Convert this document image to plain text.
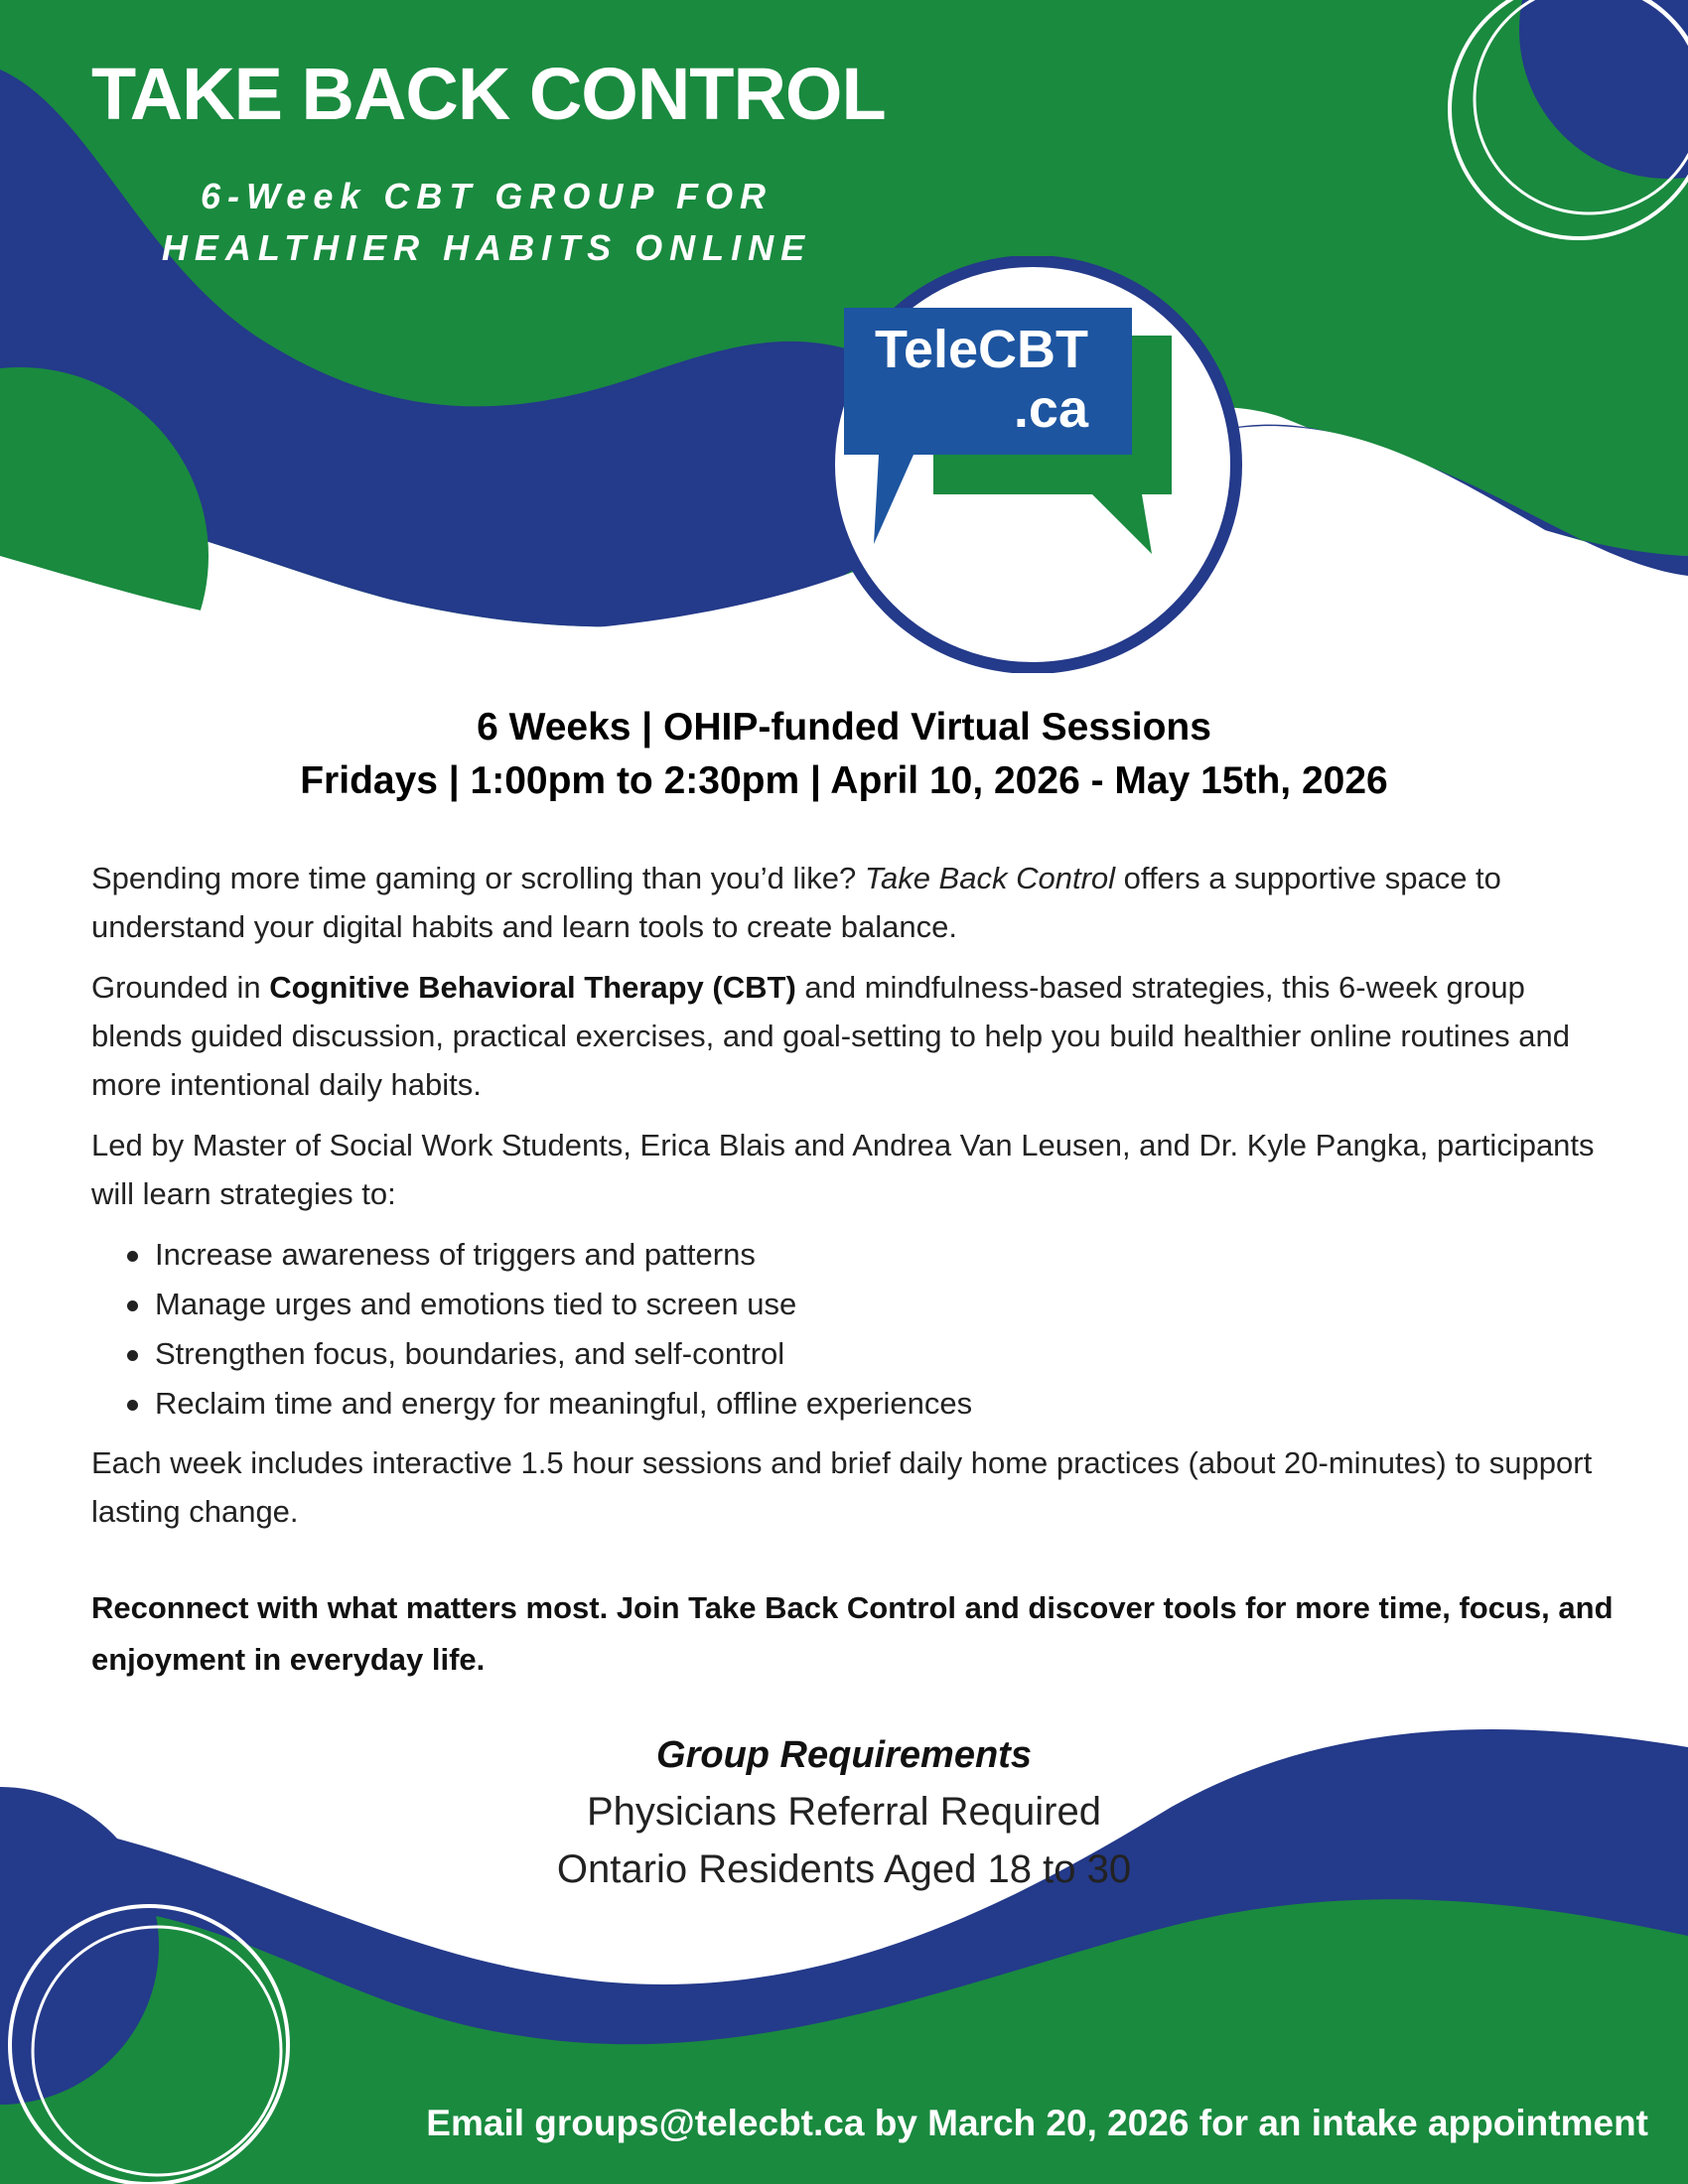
TAKE BACK CONTROL
6-Week CBT GROUP FOR
HEALTHIER HABITS ONLINE
TeleCBT
.ca
6 Weeks | OHIP-funded Virtual Sessions
Fridays | 1:00pm to 2:30pm | April 10, 2026 - May 15th, 2026

Spending more time gaming or scrolling than you’d like? Take Back Control offers a supportive space to understand your digital habits and learn tools to create balance.

Grounded in Cognitive Behavioral Therapy (CBT) and mindfulness-based strategies, this 6-week group blends guided discussion, practical exercises, and goal-setting to help you build healthier online routines and more intentional daily habits.

Led by Master of Social Work Students, Erica Blais and Andrea Van Leusen, and Dr. Kyle Pangka, participants will learn strategies to:

Increase awareness of triggers and patterns
Manage urges and emotions tied to screen use
Strengthen focus, boundaries, and self-control
Reclaim time and energy for meaningful, offline experiences

Each week includes interactive 1.5 hour sessions and brief daily home practices (about 20-minutes) to support lasting change.

Reconnect with what matters most. Join Take Back Control and discover tools for more time, focus, and enjoyment in everyday life.
Group Requirements
Physicians Referral Required
Ontario Residents Aged 18 to 30
Email groups@telecbt.ca by March 20, 2026 for an intake appointment
